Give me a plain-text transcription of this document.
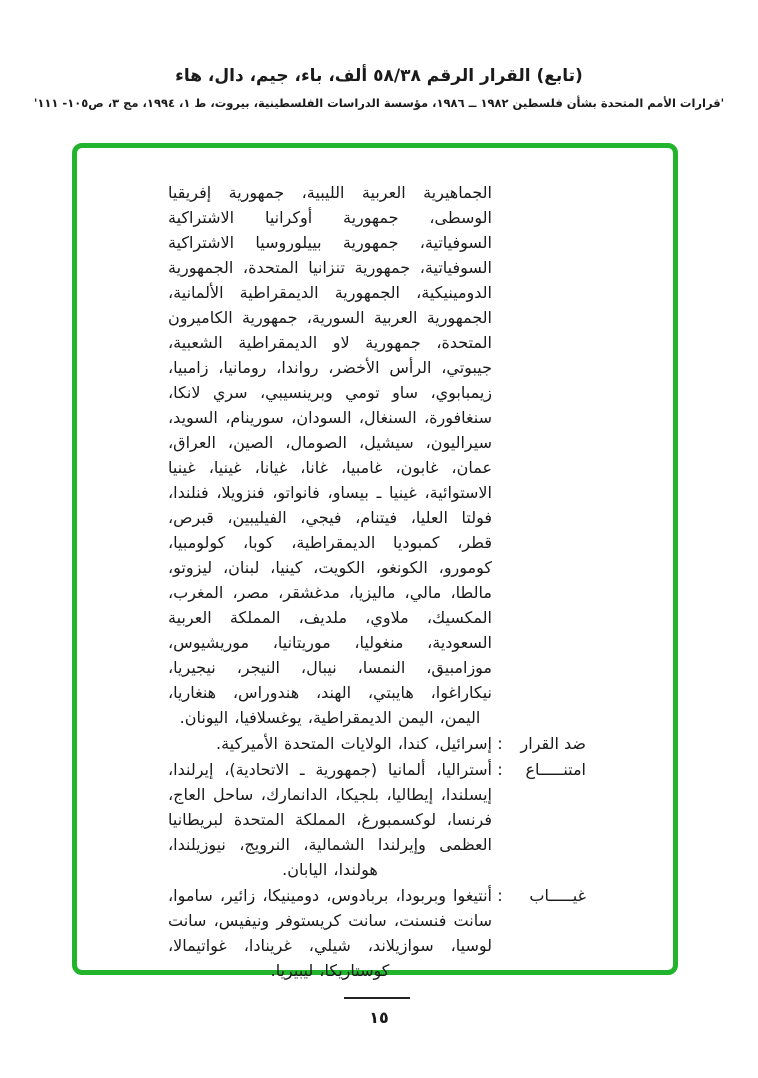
(تابع) القرار الرقم ٥٨/٣٨ ألف، باء، جيم، دال، هاء
'قرارات الأمم المتحدة بشأن فلسطين ١٩٨٢ ــ ١٩٨٦، مؤسسة الدراسات الفلسطينية، بيروت، ط ١، ١٩٩٤، مج ٣، ص١٠٥- ١١١'

الجماهيرية العربية الليبية، جمهورية إفريقيا الوسطى، جمهورية أوكرانيا الاشتراكية السوفياتية، جمهورية بييلوروسيا الاشتراكية السوفياتية، جمهورية تنزانيا المتحدة، الجمهورية الدومينيكية، الجمهورية الديمقراطية الألمانية، الجمهورية العربية السورية، جمهورية الكاميرون المتحدة، جمهورية لاو الديمقراطية الشعبية، جيبوتي، الرأس الأخضر، رواندا، رومانيا، زامبيا، زيمبابوي، ساو تومي وبرينسيبي، سري لانكا، سنغافورة، السنغال، السودان، سورينام، السويد، سيراليون، سيشيل، الصومال، الصين، العراق، عمان، غابون، غامبيا، غانا، غيانا، غينيا، غينيا الاستوائية، غينيا ـ بيساو، فانواتو، فنزويلا، فنلندا، فولتا العليا، فيتنام، فيجي، الفيليبين، قبرص، قطر، كمبوديا الديمقراطية، كوبا، كولومبيا، كومورو، الكونغو، الكويت، كينيا، لبنان، ليزوتو، مالطا، مالي، ماليزيا، مدغشقر، مصر، المغرب، المكسيك، ملاوي، ملديف، المملكة العربية السعودية، منغوليا، موريتانيا، موريشيوس، موزامبيق، النمسا، نيبال، النيجر، نيجيريا، نيكاراغوا، هايبتي، الهند، هندوراس، هنغاريا، اليمن، اليمن الديمقراطية، يوغسلافيا، اليونان.

ضد القرار
:
إسرائيل، كندا، الولايات المتحدة الأميركية.
امتنـــــاع
:
أستراليا، ألمانيا (جمهورية ـ الاتحادية)، إيرلندا، إيسلندا، إيطاليا، بلجيكا، الدانمارك، ساحل العاج، فرنسا، لوكسمبورغ، المملكة المتحدة لبريطانيا العظمى وإيرلندا الشمالية، النرويج، نيوزيلندا، هولندا، اليابان.
غيـــــاب
:
أنتيغوا وبربودا، بربادوس، دومينيكا، زائير، ساموا، سانت فنسنت، سانت كريستوفر ونيفيس، سانت لوسيا، سوازيلاند، شيلي، غرينادا، غواتيمالا، كوستاريكا، ليبيريا.
١٥
